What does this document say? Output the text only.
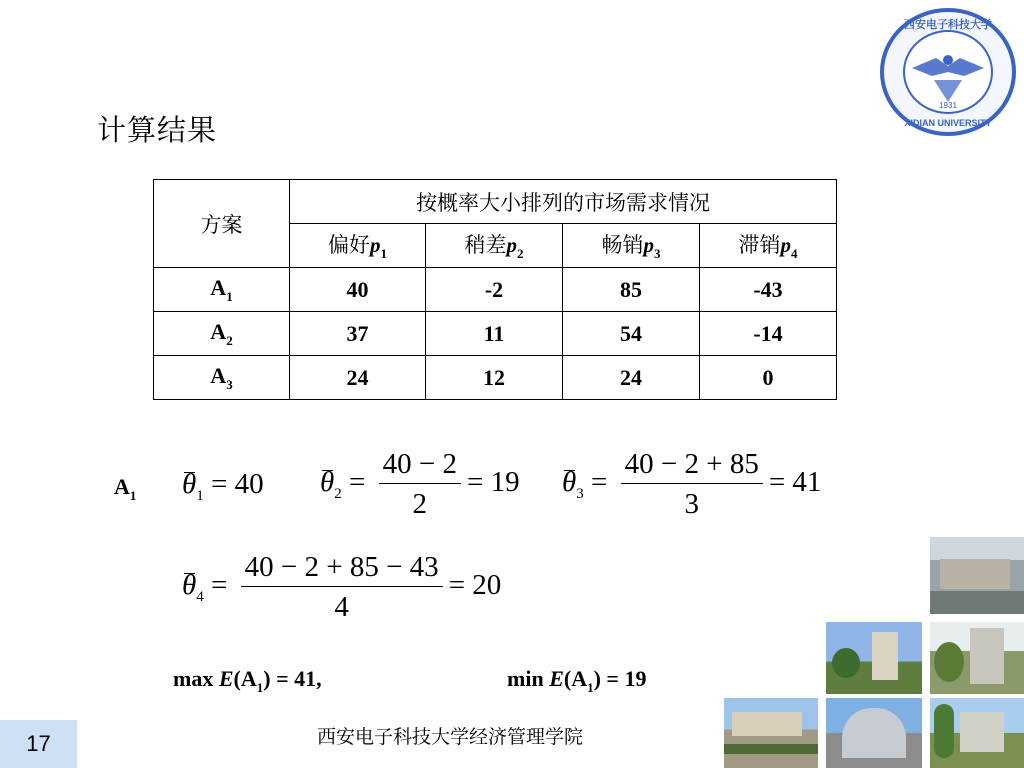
计算结果
西安电子科技大学
1931
XIDIAN UNIVERSITY
方案	按概率大小排列的市场需求情况			
	偏好$p_1$	稍差$p_2$	畅销$p_3$	滞销$p_4$
$A_1$	40	-2	85	-43
$A_2$	37	11	54	-14
$A_3$	24	12	24	0
$A_1$ $\theta_1 = 40$ $\theta_2 = \frac{40 - 2}{2} = 19$ $\theta_3 = \frac{40 - 2 + 85}{3} = 41$
$\theta_4 = \frac{40 - 2 + 85 - 43}{4} = 20$
$\max E(A_1) = 41$,	$\min E(A_1) = 19$
西安电子科技大学经济管理学院
17
